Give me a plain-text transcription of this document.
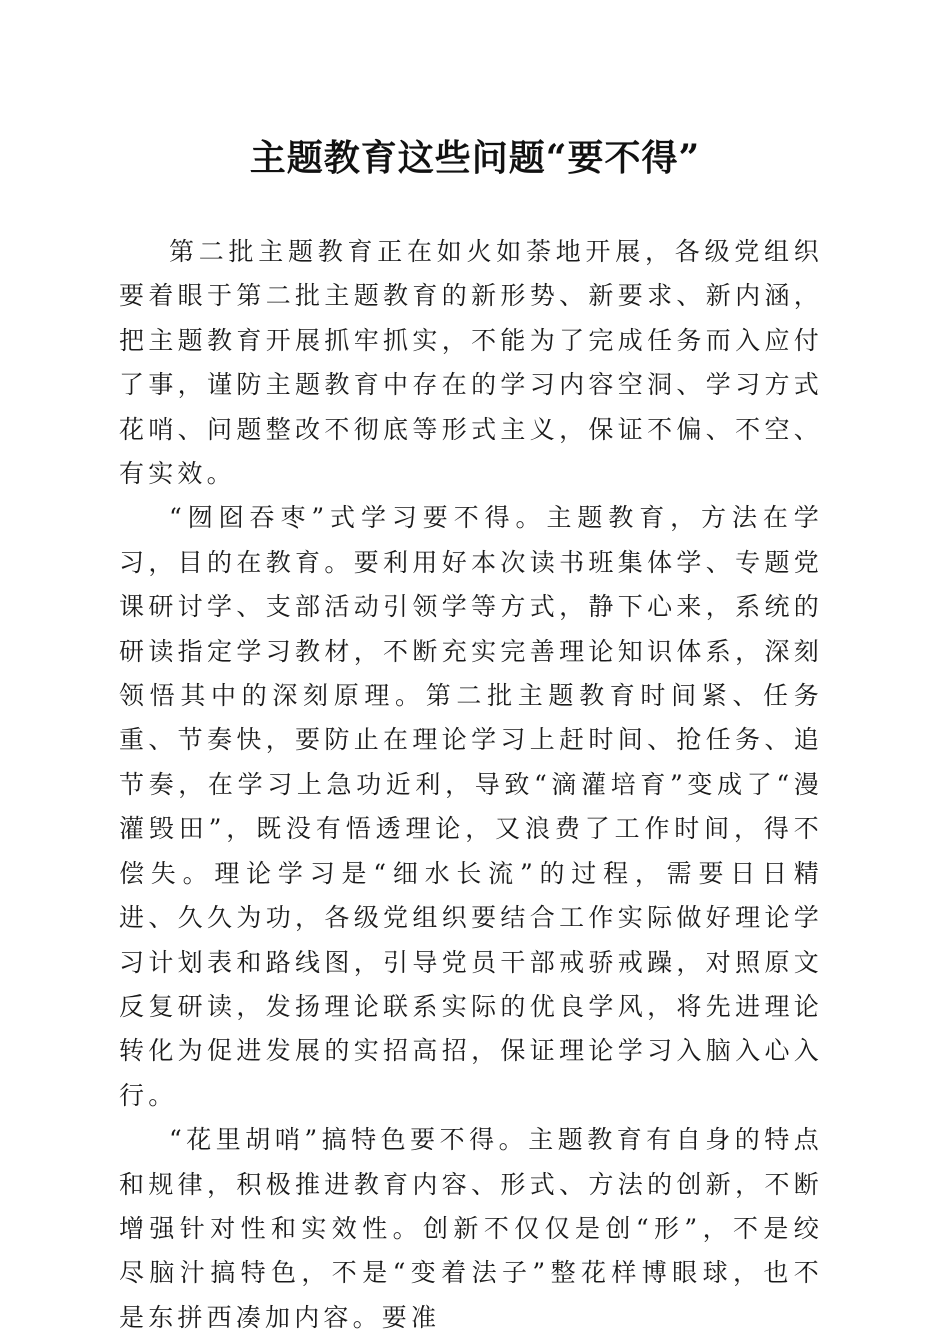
主题教育这些问题“要不得”

第二批主题教育正在如火如荼地开展，各级党组织要着眼于第二批主题教育的新形势、新要求、新内涵，把主题教育开展抓牢抓实，不能为了完成任务而入应付了事，谨防主题教育中存在的学习内容空洞、学习方式花哨、问题整改不彻底等形式主义，保证不偏、不空、有实效。

“囫囵吞枣”式学习要不得。主题教育，方法在学习，目的在教育。要利用好本次读书班集体学、专题党课研讨学、支部活动引领学等方式，静下心来，系统的研读指定学习教材，不断充实完善理论知识体系，深刻领悟其中的深刻原理。第二批主题教育时间紧、任务重、节奏快，要防止在理论学习上赶时间、抢任务、追节奏，在学习上急功近利，导致“滴灌培育”变成了“漫灌毁田”，既没有悟透理论，又浪费了工作时间，得不偿失。理论学习是“细水长流”的过程，需要日日精进、久久为功，各级党组织要结合工作实际做好理论学习计划表和路线图，引导党员干部戒骄戒躁，对照原文反复研读，发扬理论联系实际的优良学风，将先进理论转化为促进发展的实招高招，保证理论学习入脑入心入行。

“花里胡哨”搞特色要不得。主题教育有自身的特点和规律，积极推进教育内容、形式、方法的创新，不断增强针对性和实效性。创新不仅仅是创“形”，不是绞尽脑汁搞特色，不是“变着法子”整花样博眼球，也不是东拼西凑加内容。要准
